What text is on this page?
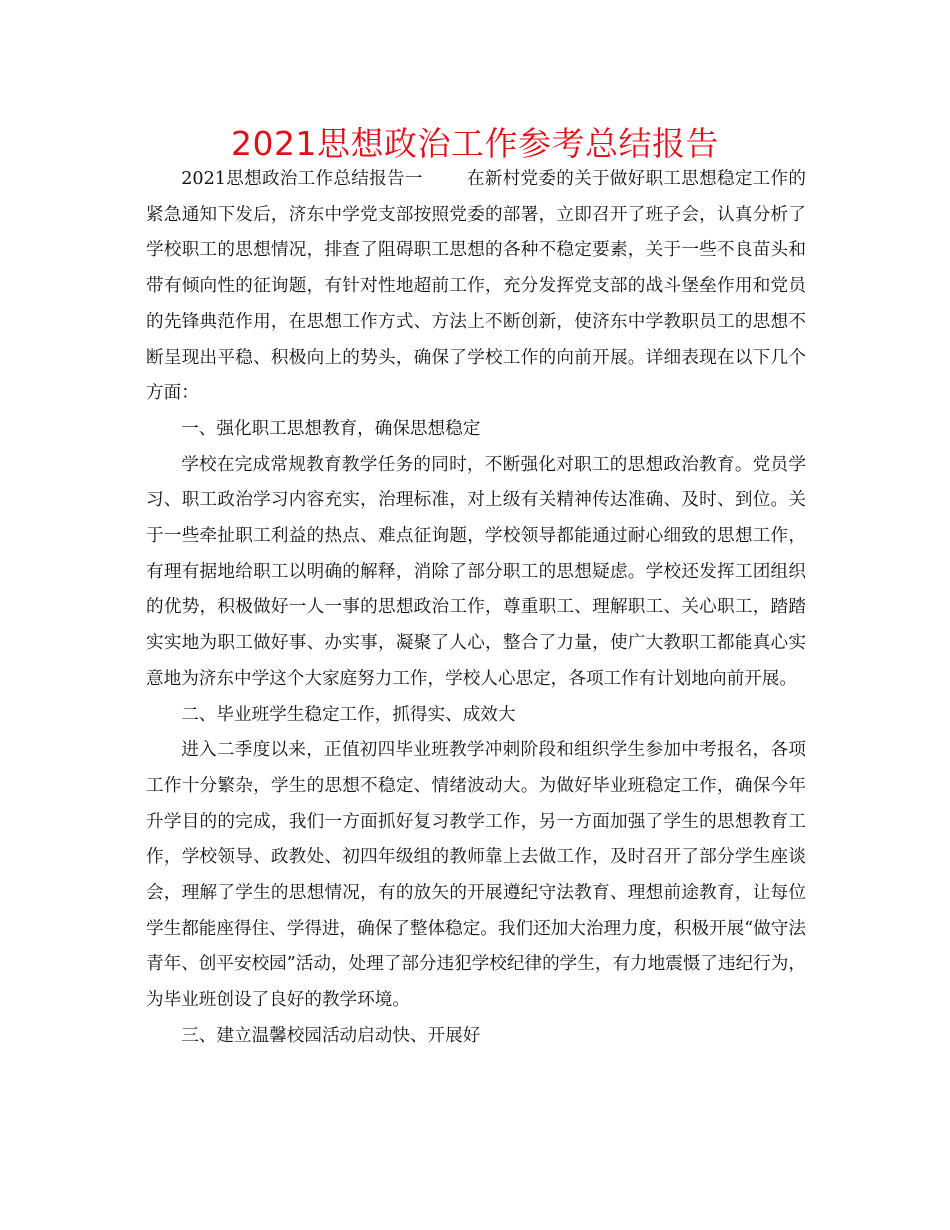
2021思想政治工作参考总结报告

2021思想政治工作总结报告一	在新村党委的关于做好职工思想稳定工作的紧急通知下发后，济东中学党支部按照党委的部署，立即召开了班子会，认真分析了学校职工的思想情况，排查了阻碍职工思想的各种不稳定要素，关于一些不良苗头和带有倾向性的征询题，有针对性地超前工作，充分发挥党支部的战斗堡垒作用和党员的先锋典范作用，在思想工作方式、方法上不断创新，使济东中学教职员工的思想不断呈现出平稳、积极向上的势头，确保了学校工作的向前开展。详细表现在以下几个方面：

一、强化职工思想教育，确保思想稳定

学校在完成常规教育教学任务的同时，不断强化对职工的思想政治教育。党员学习、职工政治学习内容充实，治理标准，对上级有关精神传达准确、及时、到位。关于一些牵扯职工利益的热点、难点征询题，学校领导都能通过耐心细致的思想工作，有理有据地给职工以明确的解释，消除了部分职工的思想疑虑。学校还发挥工团组织的优势，积极做好一人一事的思想政治工作，尊重职工、理解职工、关心职工，踏踏实实地为职工做好事、办实事，凝聚了人心，整合了力量，使广大教职工都能真心实意地为济东中学这个大家庭努力工作，学校人心思定，各项工作有计划地向前开展。

二、毕业班学生稳定工作，抓得实、成效大

进入二季度以来，正值初四毕业班教学冲刺阶段和组织学生参加中考报名，各项工作十分繁杂，学生的思想不稳定、情绪波动大。为做好毕业班稳定工作，确保今年升学目的的完成，我们一方面抓好复习教学工作，另一方面加强了学生的思想教育工作，学校领导、政教处、初四年级组的教师靠上去做工作，及时召开了部分学生座谈会，理解了学生的思想情况，有的放矢的开展遵纪守法教育、理想前途教育，让每位学生都能座得住、学得进，确保了整体稳定。我们还加大治理力度，积极开展“做守法青年、创平安校园”活动，处理了部分违犯学校纪律的学生，有力地震慑了违纪行为，为毕业班创设了良好的教学环境。

三、建立温馨校园活动启动快、开展好
